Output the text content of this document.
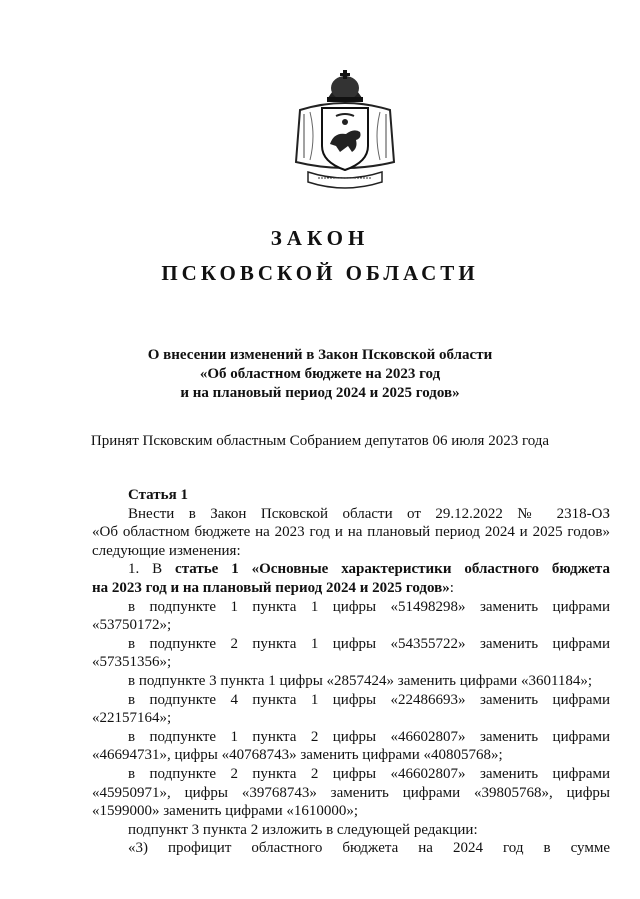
ЗАКОН
ПСКОВСКОЙ ОБЛАСТИ
О внесении изменений в Закон Псковской области
«Об областном бюджете на 2023 год
и на плановый период 2024 и 2025 годов»
Принят Псковским областным Собранием депутатов 06 июля 2023 года

Статья 1

Внести в Закон Псковской области от 29.12.2022 № 2318-ОЗ

«Об областном бюджете на 2023 год и на плановый период 2024 и 2025 годов»

следующие изменения:

1. В статье 1 «Основные характеристики областного бюджета

на 2023 год и на плановый период 2024 и 2025 годов»:

в подпункте 1 пункта 1 цифры «51498298» заменить цифрами

«53750172»;

в подпункте 2 пункта 1 цифры «54355722» заменить цифрами

«57351356»;

в подпункте 3 пункта 1 цифры «2857424» заменить цифрами «3601184»;

в подпункте 4 пункта 1 цифры «22486693» заменить цифрами

«22157164»;

в подпункте 1 пункта 2 цифры «46602807» заменить цифрами

«46694731», цифры «40768743» заменить цифрами «40805768»;

в подпункте 2 пункта 2 цифры «46602807» заменить цифрами

«45950971», цифры «39768743» заменить цифрами «39805768», цифры

«1599000» заменить цифрами «1610000»;

подпункт 3 пункта 2 изложить в следующей редакции:

«3) профицит областного бюджета на 2024 год в сумме
